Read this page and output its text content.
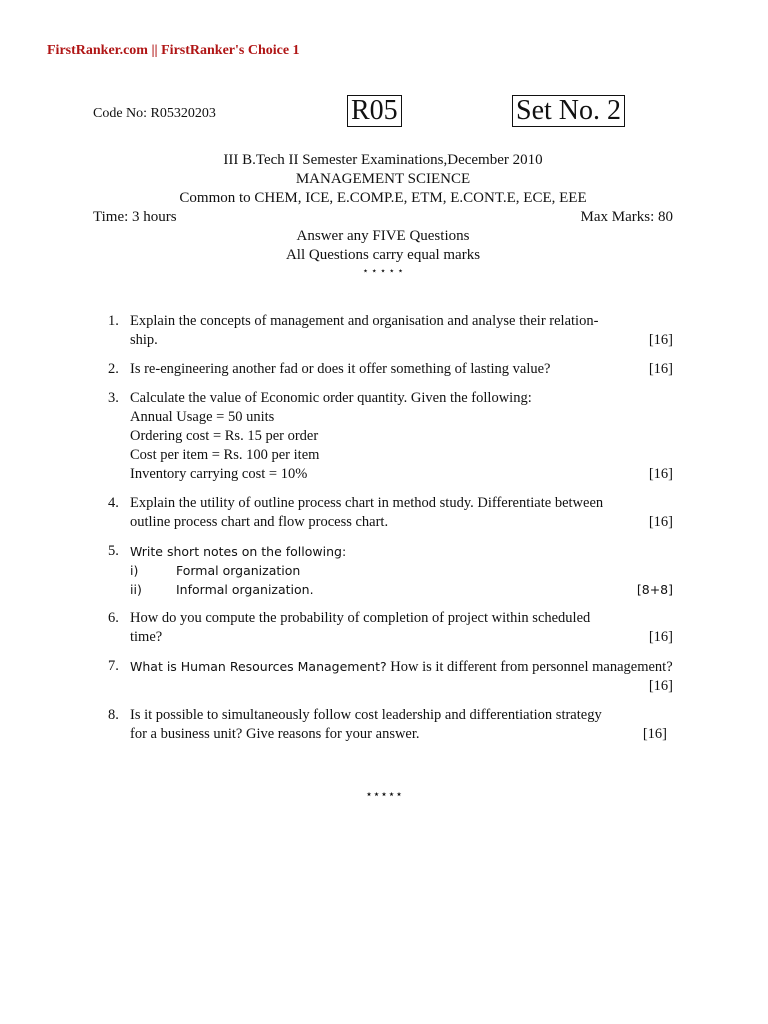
FirstRanker.com || FirstRanker's Choice 1
Code No: R05320203	R05	Set No. 2
III B.Tech II Semester Examinations,December 2010
MANAGEMENT SCIENCE
Common to CHEM, ICE, E.COMP.E, ETM, E.CONT.E, ECE, EEE
Time: 3 hours	Max Marks: 80
Answer any FIVE Questions
All Questions carry equal marks
⋆ ⋆ ⋆ ⋆ ⋆
1. Explain the concepts of management and organisation and analyse their relation-
ship.	[16]
2. Is re-engineering another fad or does it offer something of lasting value?	[16]
3. Calculate the value of Economic order quantity. Given the following:
Annual Usage = 50 units
Ordering cost = Rs. 15 per order
Cost per item = Rs. 100 per item
Inventory carrying cost = 10%	[16]
4. Explain the utility of outline process chart in method study. Differentiate between
outline process chart and flow process chart.	[16]
5. Write short notes on the following:
i)	Formal organization
ii)	Informal organization.	[8+8]
6. How do you compute the probability of completion of project within scheduled
time?	[16]
7. What is Human Resources Management? How is it different from personnel management?
[16]
8. Is it possible to simultaneously follow cost leadership and differentiation strategy
for a business unit? Give reasons for your answer.	[16]
⋆⋆⋆⋆⋆
